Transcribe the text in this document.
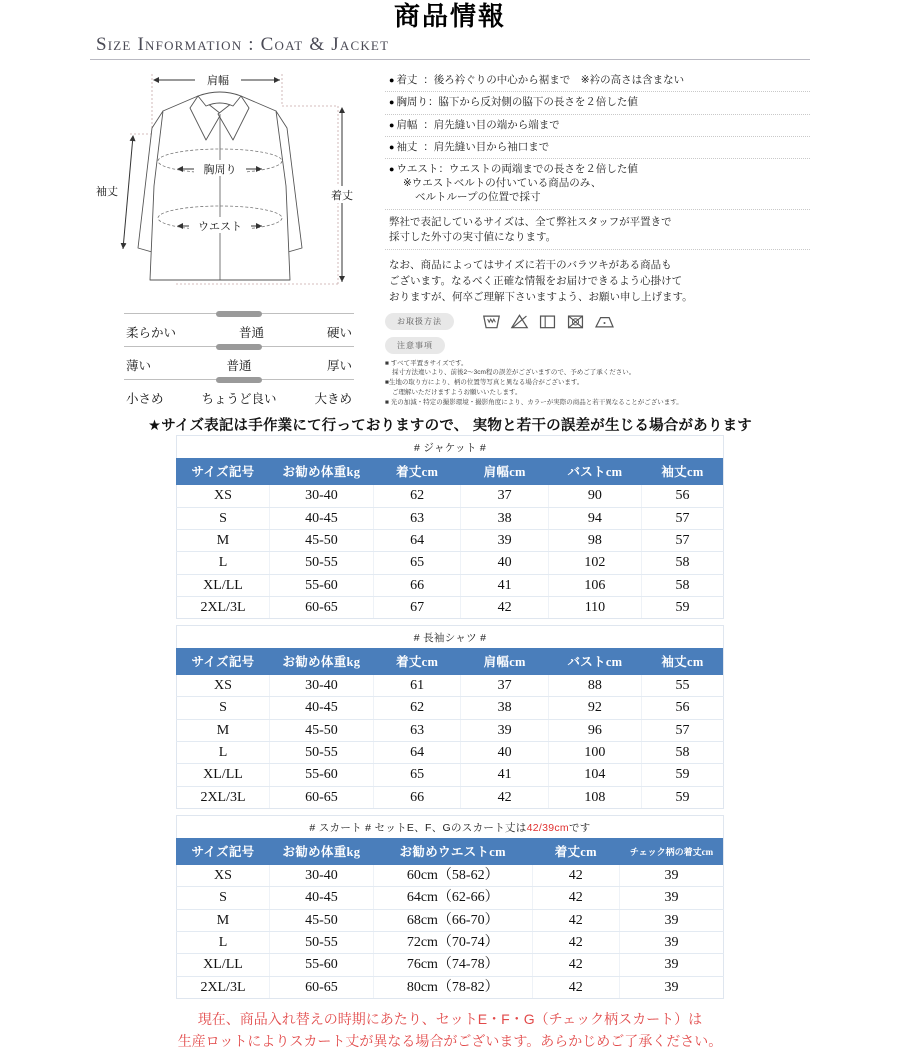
商品情報
Size Information : Coat & Jacket
肩幅
胸周り
ウエスト
袖丈	着丈
柔らかい	普通	硬い
薄い	普通	厚い
小さめ	ちょうど良い	大きめ
● 着丈 ：後ろ衿ぐりの中心から裾まで　※衿の高さは含まない
● 胸周り：脇下から反対側の脇下の長さを２倍した値
● 肩幅 ：肩先縫い目の端から端まで
● 袖丈 ：肩先縫い目から袖口まで
● ウエスト：ウエストの両端までの長さを２倍した値
※ウエストベルトの付いている商品のみ、
ベルトループの位置で採寸
弊社で表記しているサイズは、全て弊社スタッフが平置きで
採寸した外寸の実寸値になります。
なお、商品によってはサイズに若干のバラツキがある商品も
ございます。なるべく正確な情報をお届けできるよう心掛けて
おりますが、何卒ご理解下さいますよう、お願い申し上げます。
お取扱方法
注意事項
■ すべて平置きサイズです。
採寸方法違いより、前後2～3cm程の誤差がございますので、予めご了承ください。
■生地の取り方により、柄の位置等写真と異なる場合がございます。
ご理解いただけますようお願いいたします。
■ 光の加減・特定の撮影環境・撮影角度により、カラーが実際の商品と若干異なることがございます。
★サイズ表記は手作業にて行っておりますので、 実物と若干の誤差が生じる場合があります
# ジャケット #
サイズ記号	お勧め体重kg	着丈cm	肩幅cm	バストcm	袖丈cm
XS	30-40	62	37	90	56
S	40-45	63	38	94	57
M	45-50	64	39	98	57
L	50-55	65	40	102	58
XL/LL	55-60	66	41	106	58
2XL/3L	60-65	67	42	110	59
# 長袖シャツ #
サイズ記号	お勧め体重kg	着丈cm	肩幅cm	バストcm	袖丈cm
XS	30-40	61	37	88	55
S	40-45	62	38	92	56
M	45-50	63	39	96	57
L	50-55	64	40	100	58
XL/LL	55-60	65	41	104	59
2XL/3L	60-65	66	42	108	59
# スカート # セットE、F、Gのスカート丈は42/39cmです
サイズ記号	お勧め体重kg	お勧めウエストcm	着丈cm	チェック柄の着丈cm
XS	30-40	60cm（58-62）	42	39
S	40-45	64cm（62-66）	42	39
M	45-50	68cm（66-70）	42	39
L	50-55	72cm（70-74）	42	39
XL/LL	55-60	76cm（74-78）	42	39
2XL/3L	60-65	80cm（78-82）	42	39
現在、商品入れ替えの時期にあたり、セットE・F・G（チェック柄スカート）は
生産ロットによりスカート丈が異なる場合がございます。あらかじめご了承ください。
